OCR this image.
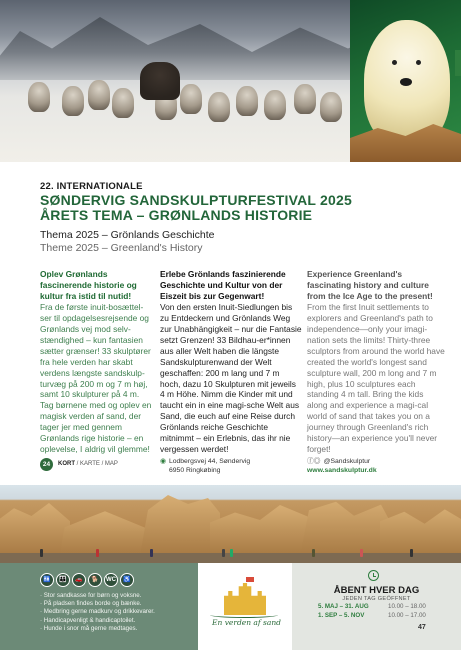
22. INTERNATIONALE
SØNDERVIG SANDSKULPTURFESTIVAL 2025
ÅRETS TEMA – GRØNLANDS HISTORIE
Thema 2025 – Grönlands Geschichte
Theme 2025 – Greenland's History
Oplev Grønlands fascinerende historie og kultur fra istid til nutid!
Fra de første inuit-bosættel-ser til opdagelsesrejsende og Grønlands vej mod selv-stændighed – kun fantasien sætter grænser! 33 skulptører fra hele verden har skabt verdens længste sandskulp-turvæg på 200 m og 7 m høj, samt 10 skulpturer på 4 m. Tag børnene med og oplev en magisk verden af sand, der tager jer med gennem Grønlands rige historie – en oplevelse, I aldrig vil glemme!
Erlebe Grönlands faszinierende Geschichte und Kultur von der Eiszeit bis zur Gegenwart!
Von den ersten Inuit-Siedlungen bis zu Entdeckern und Grönlands Weg zur Unabhängigkeit – nur die Fantasie setzt Grenzen! 33 Bildhau-er*innen aus aller Welt haben die längste Sandskulpturenwand der Welt geschaffen: 200 m lang und 7 m hoch, dazu 10 Skulpturen mit jeweils 4 m Höhe. Nimm die Kinder mit und taucht ein in eine magi-sche Welt aus Sand, die euch auf eine Reise durch Grönlands reiche Geschichte mitnimmt – ein Erlebnis, das ihr nie vergessen werdet!
Experience Greenland's fascinating history and culture from the Ice Age to the present!
From the first Inuit settlements to explorers and Greenland's path to independence—only your imagi-nation sets the limits! Thirty-three sculptors from around the world have created the world's longest sand sculpture wall, 200 m long and 7 m high, plus 10 sculptures each standing 4 m tall. Bring the kids along and experience a magi-cal world of sand that takes you on a journey through Greenland's rich history—an experience you'll never forget!
24	KORT / KARTE / MAP	◉ Lodbergsvej 44, Søndervig
6950 Ringkøbing
ⓕ◎ @Sandskulptur
www.sandskulptur.dk
🚻	👪	🚗	🐕	WC	♿
· Stor sandkasse for børn og voksne.
· På pladsen findes borde og bænke.
· Medbring gerne madkurv og drikkevarer.
· Handicapvenligt & handicaptoilet.
· Hunde i snor må gerne medtages.
En verden af sand
ÅBENT HVER DAG
JEDEN TAG GEÖFFNET
5. MAJ – 31. AUG	10.00 – 18.00
1. SEP – 5. NOV	10.00 – 17.00
47
